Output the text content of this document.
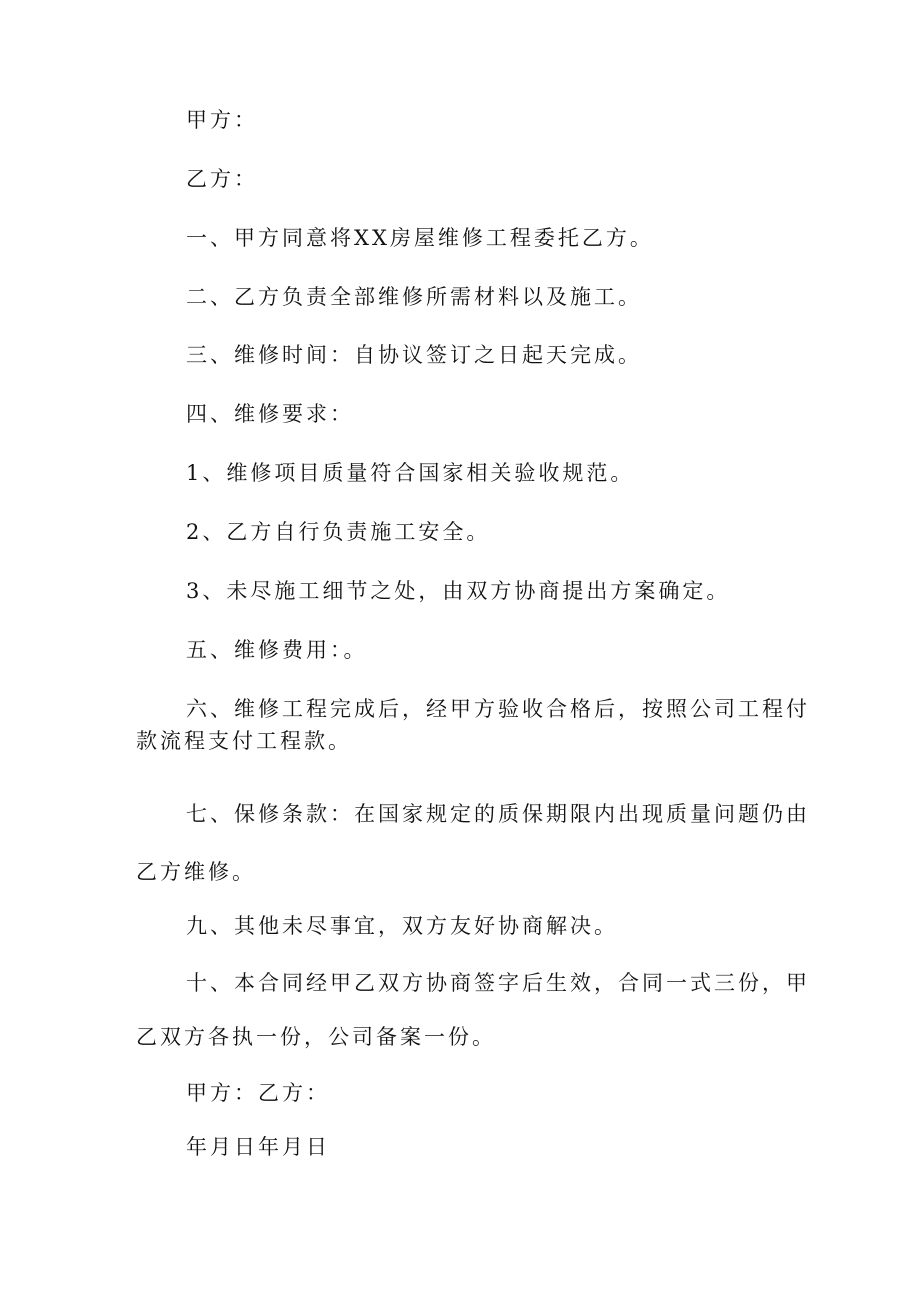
甲方：
乙方：
一、甲方同意将XX房屋维修工程委托乙方。
二、乙方负责全部维修所需材料以及施工。
三、维修时间：自协议签订之日起天完成。
四、维修要求：
1、维修项目质量符合国家相关验收规范。
2、乙方自行负责施工安全。
3、未尽施工细节之处，由双方协商提出方案确定。
五、维修费用：。
六、维修工程完成后，经甲方验收合格后，按照公司工程付
款流程支付工程款。
七、保修条款：在国家规定的质保期限内出现质量问题仍由
乙方维修。
九、其他未尽事宜，双方友好协商解决。
十、本合同经甲乙双方协商签字后生效，合同一式三份，甲
乙双方各执一份，公司备案一份。
甲方：乙方：
年月日年月日
